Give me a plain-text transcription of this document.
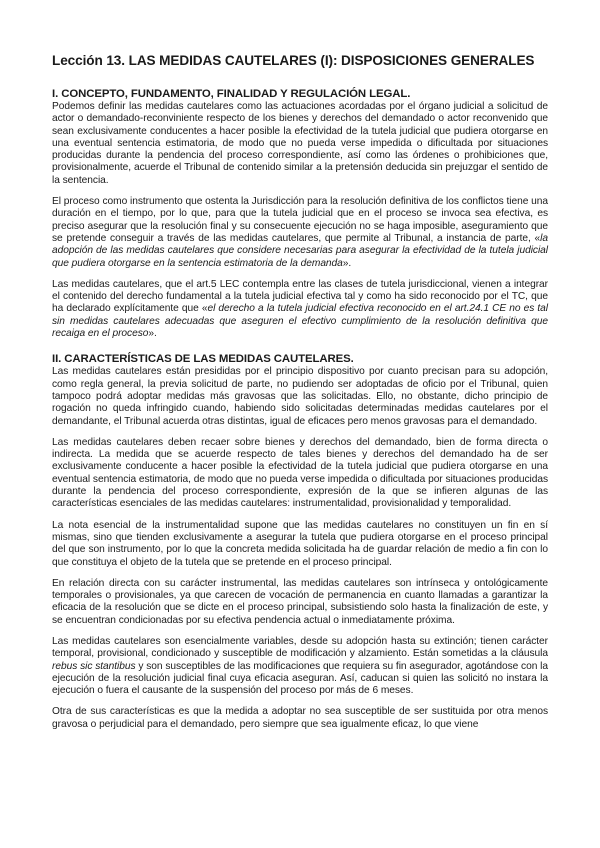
Lección 13. LAS MEDIDAS CAUTELARES (I): DISPOSICIONES GENERALES
I. CONCEPTO, FUNDAMENTO, FINALIDAD Y REGULACIÓN LEGAL.

Podemos definir las medidas cautelares como las actuaciones acordadas por el órgano judicial a solicitud de actor o demandado-reconviniente respecto de los bienes y derechos del demandado o actor reconvenido que sean exclusivamente conducentes a hacer posible la efectividad de la tutela judicial que pudiera otorgarse en una eventual sentencia estimatoria, de modo que no pueda verse impedida o dificultada por situaciones producidas durante la pendencia del proceso correspondiente, así como las órdenes o prohibiciones que, provisionalmente, acuerde el Tribunal de contenido similar a la pretensión deducida sin prejuzgar el sentido de la sentencia.

El proceso como instrumento que ostenta la Jurisdicción para la resolución definitiva de los conflictos tiene una duración en el tiempo, por lo que, para que la tutela judicial que en el proceso se invoca sea efectiva, es preciso asegurar que la resolución final y su consecuente ejecución no se haga imposible, aseguramiento que se pretende conseguir a través de las medidas cautelares, que permite al Tribunal, a instancia de parte, «la adopción de las medidas cautelares que considere necesarias para asegurar la efectividad de la tutela judicial que pudiera otorgarse en la sentencia estimatoria de la demanda».

Las medidas cautelares, que el art.5 LEC contempla entre las clases de tutela jurisdiccional, vienen a integrar el contenido del derecho fundamental a la tutela judicial efectiva tal y como ha sido reconocido por el TC, que ha declarado explícitamente que «el derecho a la tutela judicial efectiva reconocido en el art.24.1 CE no es tal sin medidas cautelares adecuadas que aseguren el efectivo cumplimiento de la resolución definitiva que recaiga en el proceso».

II. CARACTERÍSTICAS DE LAS MEDIDAS CAUTELARES.

Las medidas cautelares están presididas por el principio dispositivo por cuanto precisan para su adopción, como regla general, la previa solicitud de parte, no pudiendo ser adoptadas de oficio por el Tribunal, quien tampoco podrá adoptar medidas más gravosas que las solicitadas. Ello, no obstante, dicho principio de rogación no queda infringido cuando, habiendo sido solicitadas determinadas medidas cautelares por el demandante, el Tribunal acuerda otras distintas, igual de eficaces pero menos gravosas para el demandado.

Las medidas cautelares deben recaer sobre bienes y derechos del demandado, bien de forma directa o indirecta. La medida que se acuerde respecto de tales bienes y derechos del demandado ha de ser exclusivamente conducente a hacer posible la efectividad de la tutela judicial que pudiera otorgarse en una eventual sentencia estimatoria, de modo que no pueda verse impedida o dificultada por situaciones producidas durante la pendencia del proceso correspondiente, expresión de la que se infieren algunas de las características esenciales de las medidas cautelares: instrumentalidad, provisionalidad y temporalidad.

La nota esencial de la instrumentalidad supone que las medidas cautelares no constituyen un fin en sí mismas, sino que tienden exclusivamente a asegurar la tutela que pudiera otorgarse en el proceso principal del que son instrumento, por lo que la concreta medida solicitada ha de guardar relación de medio a fin con lo que constituya el objeto de la tutela que se pretende en el proceso principal.

En relación directa con su carácter instrumental, las medidas cautelares son intrínseca y ontológicamente temporales o provisionales, ya que carecen de vocación de permanencia en cuanto llamadas a garantizar la eficacia de la resolución que se dicte en el proceso principal, subsistiendo solo hasta la finalización de este, y se encuentran condicionadas por su efectiva pendencia actual o inmediatamente próxima.

Las medidas cautelares son esencialmente variables, desde su adopción hasta su extinción; tienen carácter temporal, provisional, condicionado y susceptible de modificación y alzamiento. Están sometidas a la cláusula rebus sic stantibus y son susceptibles de las modificaciones que requiera su fin asegurador, agotándose con la ejecución de la resolución judicial final cuya eficacia aseguran. Así, caducan si quien las solicitó no instara la ejecución o fuera el causante de la suspensión del proceso por más de 6 meses.

Otra de sus características es que la medida a adoptar no sea susceptible de ser sustituida por otra menos gravosa o perjudicial para el demandado, pero siempre que sea igualmente eficaz, lo que viene
